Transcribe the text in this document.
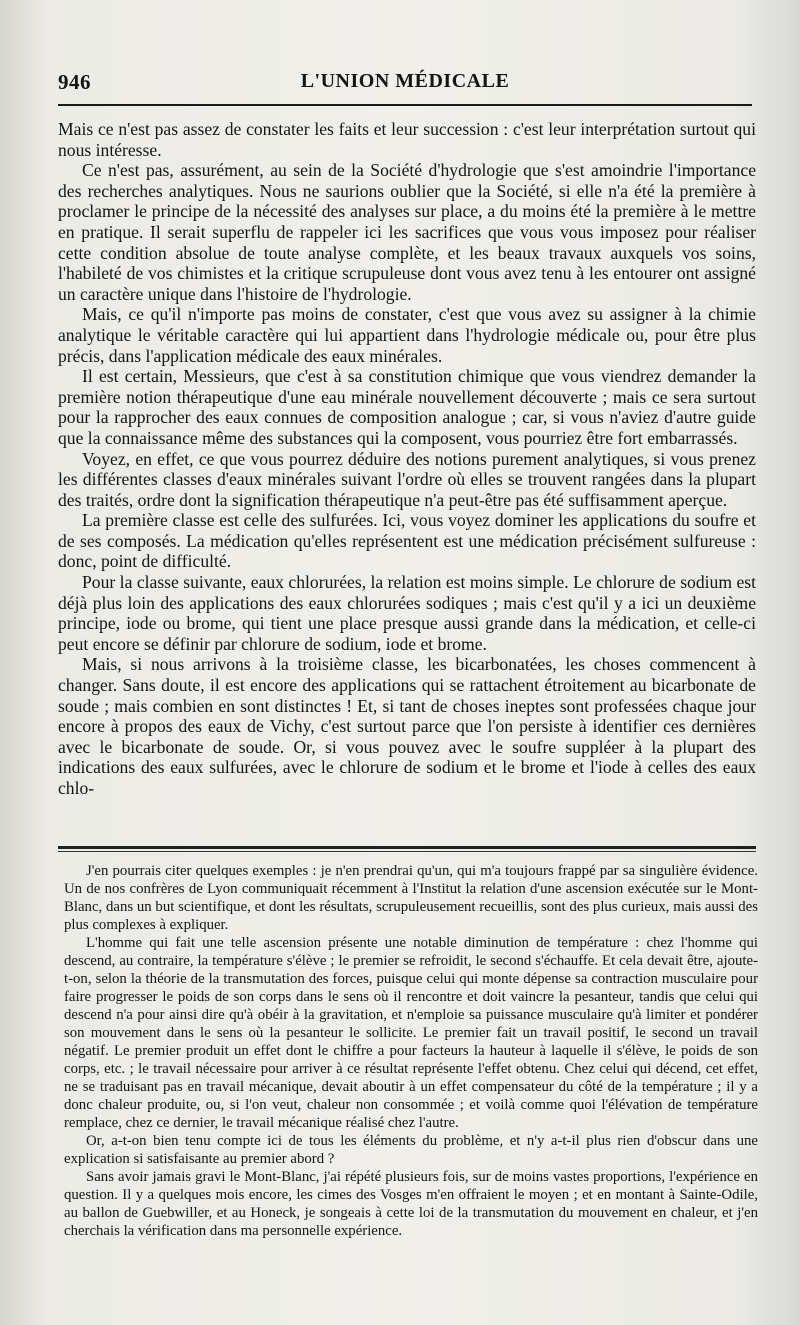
946	L'UNION MÉDICALE

Mais ce n'est pas assez de constater les faits et leur succession : c'est leur interprétation surtout qui nous intéresse.

Ce n'est pas, assurément, au sein de la Société d'hydrologie que s'est amoindrie l'importance des recherches analytiques. Nous ne saurions oublier que la Société, si elle n'a été la première à proclamer le principe de la nécessité des analyses sur place, a du moins été la première à le mettre en pratique. Il serait superflu de rappeler ici les sacrifices que vous vous imposez pour réaliser cette condition absolue de toute analyse complète, et les beaux travaux auxquels vos soins, l'habileté de vos chimistes et la critique scrupuleuse dont vous avez tenu à les entourer ont assigné un caractère unique dans l'histoire de l'hydrologie.

Mais, ce qu'il n'importe pas moins de constater, c'est que vous avez su assigner à la chimie analytique le véritable caractère qui lui appartient dans l'hydrologie médicale ou, pour être plus précis, dans l'application médicale des eaux minérales.

Il est certain, Messieurs, que c'est à sa constitution chimique que vous viendrez demander la première notion thérapeutique d'une eau minérale nouvellement découverte ; mais ce sera surtout pour la rapprocher des eaux connues de composition analogue ; car, si vous n'aviez d'autre guide que la connaissance même des substances qui la composent, vous pourriez être fort embarrassés.

Voyez, en effet, ce que vous pourrez déduire des notions purement analytiques, si vous prenez les différentes classes d'eaux minérales suivant l'ordre où elles se trouvent rangées dans la plupart des traités, ordre dont la signification thérapeutique n'a peut-être pas été suffisamment aperçue.

La première classe est celle des sulfurées. Ici, vous voyez dominer les applications du soufre et de ses composés. La médication qu'elles représentent est une médication précisément sulfureuse : donc, point de difficulté.

Pour la classe suivante, eaux chlorurées, la relation est moins simple. Le chlorure de sodium est déjà plus loin des applications des eaux chlorurées sodiques ; mais c'est qu'il y a ici un deuxième principe, iode ou brome, qui tient une place presque aussi grande dans la médication, et celle-ci peut encore se définir par chlorure de sodium, iode et brome.

Mais, si nous arrivons à la troisième classe, les bicarbonatées, les choses commencent à changer. Sans doute, il est encore des applications qui se rattachent étroitement au bicarbonate de soude ; mais combien en sont distinctes ! Et, si tant de choses ineptes sont professées chaque jour encore à propos des eaux de Vichy, c'est surtout parce que l'on persiste à identifier ces dernières avec le bicarbonate de soude. Or, si vous pouvez avec le soufre suppléer à la plupart des indications des eaux sulfurées, avec le chlorure de sodium et le brome et l'iode à celles des eaux chlo-

J'en pourrais citer quelques exemples : je n'en prendrai qu'un, qui m'a toujours frappé par sa singulière évidence. Un de nos confrères de Lyon communiquait récemment à l'Institut la relation d'une ascension exécutée sur le Mont-Blanc, dans un but scientifique, et dont les résultats, scrupuleusement recueillis, sont des plus curieux, mais aussi des plus complexes à expliquer.

L'homme qui fait une telle ascension présente une notable diminution de température : chez l'homme qui descend, au contraire, la température s'élève ; le premier se refroidit, le second s'échauffe. Et cela devait être, ajoute-t-on, selon la théorie de la transmutation des forces, puisque celui qui monte dépense sa contraction musculaire pour faire progresser le poids de son corps dans le sens où il rencontre et doit vaincre la pesanteur, tandis que celui qui descend n'a pour ainsi dire qu'à obéir à la gravitation, et n'emploie sa puissance musculaire qu'à limiter et pondérer son mouvement dans le sens où la pesanteur le sollicite. Le premier fait un travail positif, le second un travail négatif. Le premier produit un effet dont le chiffre a pour facteurs la hauteur à laquelle il s'élève, le poids de son corps, etc. ; le travail nécessaire pour arriver à ce résultat représente l'effet obtenu. Chez celui qui décend, cet effet, ne se traduisant pas en travail mécanique, devait aboutir à un effet compensateur du côté de la température ; il y a donc chaleur produite, ou, si l'on veut, chaleur non consommée ; et voilà comme quoi l'élévation de température remplace, chez ce dernier, le travail mécanique réalisé chez l'autre.

Or, a-t-on bien tenu compte ici de tous les éléments du problème, et n'y a-t-il plus rien d'obscur dans une explication si satisfaisante au premier abord ?

Sans avoir jamais gravi le Mont-Blanc, j'ai répété plusieurs fois, sur de moins vastes proportions, l'expérience en question. Il y a quelques mois encore, les cimes des Vosges m'en offraient le moyen ; et en montant à Sainte-Odile, au ballon de Guebwiller, et au Honeck, je songeais à cette loi de la transmutation du mouvement en chaleur, et j'en cherchais la vérification dans ma personnelle expérience.
